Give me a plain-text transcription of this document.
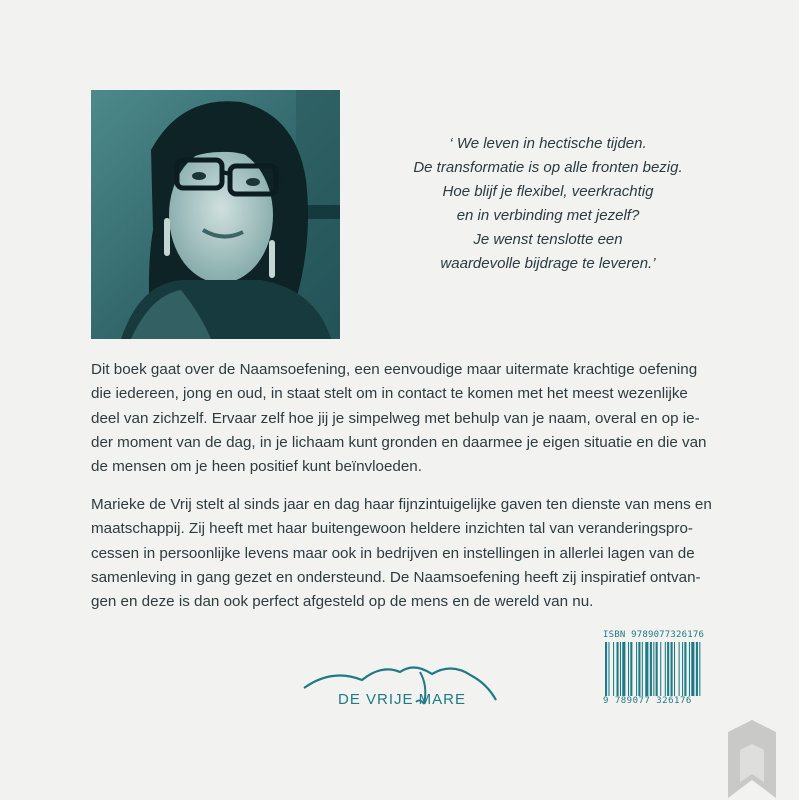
‘ We leven in hectische tijden.
De transformatie is op alle fronten bezig.
Hoe blijf je flexibel, veerkrachtig
en in verbinding met jezelf?
Je wenst tenslotte een
waardevolle bijdrage te leveren.’
Dit boek gaat over de Naamsoefening, een eenvoudige maar uitermate krachtige oefening
die iedereen, jong en oud, in staat stelt om in contact te komen met het meest wezenlijke
deel van zichzelf. Ervaar zelf hoe jij je simpelweg met behulp van je naam, overal en op ie-
der moment van de dag, in je lichaam kunt gronden en daarmee je eigen situatie en die van
de mensen om je heen positief kunt beïnvloeden.
Marieke de Vrij stelt al sinds jaar en dag haar fijnzintuigelijke gaven ten dienste van mens en
maatschappij. Zij heeft met haar buitengewoon heldere inzichten tal van veranderingspro-
cessen in persoonlijke levens maar ook in bedrijven en instellingen in allerlei lagen van de
samenleving in gang gezet en ondersteund. De Naamsoefening heeft zij inspiratief ontvan-
gen en deze is dan ook perfect afgesteld op de mens en de wereld van nu.
DE VRIJE MARE
ISBN 9789077326176
9 789077 326176
